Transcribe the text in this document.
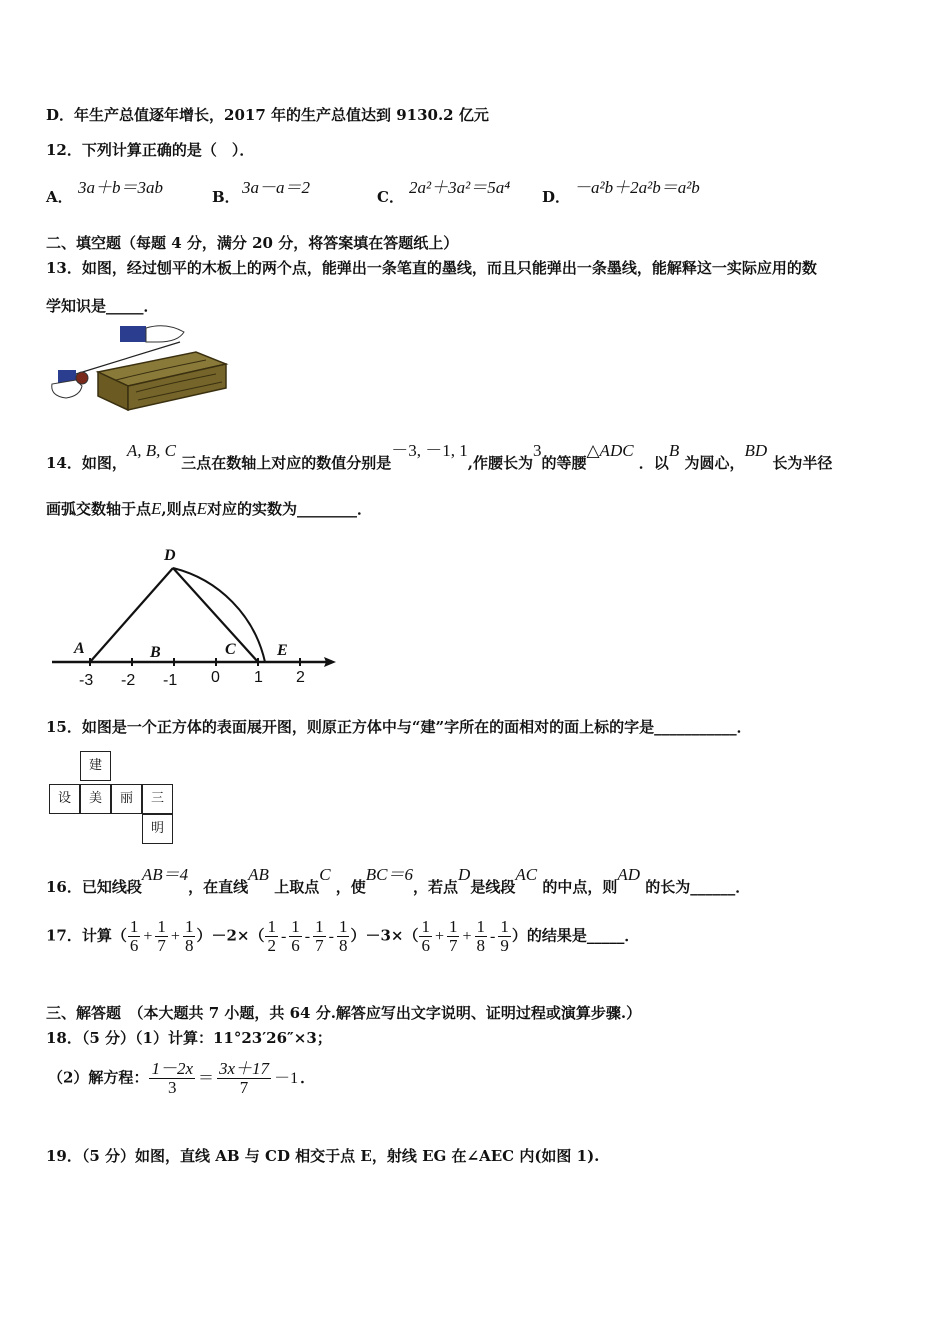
D．年生产总值逐年增长，2017 年的生产总值达到 9130.2 亿元
12．下列计算正确的是（　）．
A． 3a＋b＝3ab	B． 3a－a＝2	C． 2a²＋3a²＝5a⁴ D． －a²b＋2a²b＝a²b
二、填空题（每题 4 分，满分 20 分，将答案填在答题纸上）
13．如图，经过刨平的木板上的两个点，能弹出一条笔直的墨线，而且只能弹出一条墨线，能解释这一实际应用的数
学知识是_____．
14．如图，A, B, C 三点在数轴上对应的数值分别是－3, －1, 1,作腰长为3的等腰△ADC ．以B 为圆心，BD 长为半径
画弧交数轴于点E,则点E对应的实数为________．
D
A	B	C	E
-3 -2 -1 0 1 2
15．如图是一个正方体的表面展开图，则原正方体中与“建”字所在的面相对的面上标的字是___________．
建
设	美	丽	三
明
16．已知线段AB＝4，在直线AB 上取点C ，使BC＝6，若点D是线段AC 的中点，则AD 的长为______．
17．计算（ $\frac{1}{6} + \frac{1}{7} + \frac{1}{8} )-2\times( \frac{1}{2} - \frac{1}{6} - \frac{1}{7} - \frac{1}{8} )-3\times( \frac{1}{6} + \frac{1}{7} + \frac{1}{8} - \frac{1}{9}$ ）的结果是_____．
三、解答题　（本大题共 7 小题，共 64 分.解答应写出文字说明、证明过程或演算步骤.）
18．（5 分）（1）计算：11°23′26″×3；
（2）解方程： $\frac{1-2x}{3} = \frac{3x+17}{7} -1$ ．
19．（5 分）如图，直线 AB 与 CD 相交于点 E，射线 EG 在∠AEC 内(如图 1).
